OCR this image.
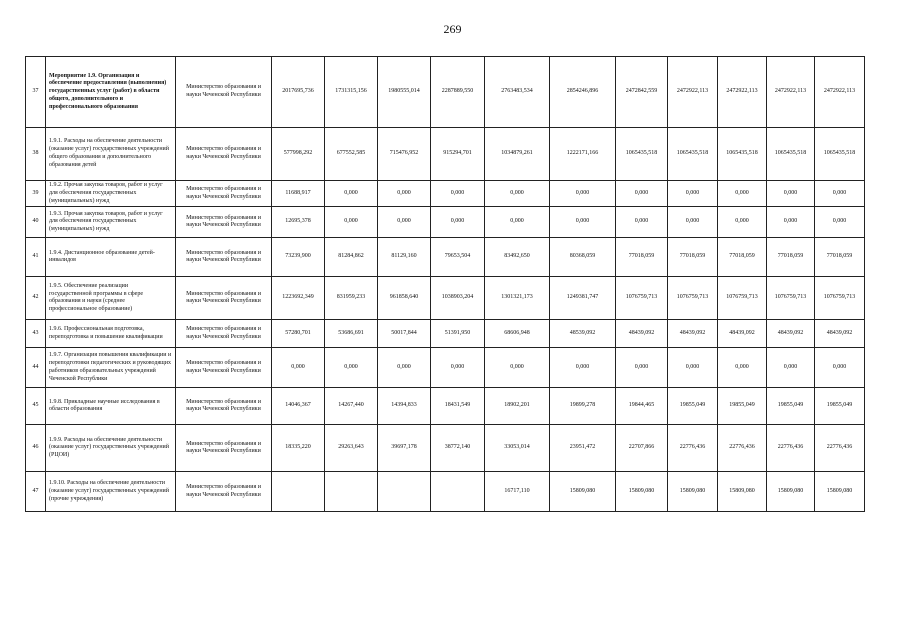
269
37	Мероприятие 1.9. Организация и обеспечение предоставления (выполнения) государственных услуг (работ) в области общего, дополнительного и профессионального образования	Министерство образования и науки Чеченской Республики	2017695,736	1731315,156	1980555,014	2287889,550	2763483,534	2854246,896	2472842,559	2472922,113	2472922,113	2472922,113	2472922,113
38	1.9.1. Расходы на обеспечение деятельности (оказание услуг) государственных учреждений общего образования и дополнительного образования детей	Министерство образования и науки Чеченской Республики	577998,292	677552,585	715476,952	915294,701	1034879,261	1222171,166	1065435,518	1065435,518	1065435,518	1065435,518	1065435,518
39	1.9.2. Прочая закупка товаров, работ и услуг для обеспечения государственных (муниципальных) нужд	Министерство образования и науки Чеченской Республики	11688,917	0,000	0,000	0,000	0,000	0,000	0,000	0,000	0,000	0,000	0,000
40	1.9.3. Прочая закупка товаров, работ и услуг для обеспечения государственных (муниципальных) нужд	Министерство образования и науки Чеченской Республики	12695,378	0,000	0,000	0,000	0,000	0,000	0,000	0,000	0,000	0,000	0,000
41	1.9.4. Дистанционное образование детей-инвалидов	Министерство образования и науки Чеченской Республики	73239,900	81284,862	81129,160	79653,504	83492,650	80368,059	77018,059	77018,059	77018,059	77018,059	77018,059
42	1.9.5. Обеспечение реализации государственной программы в сфере образования и науки (среднее профессиональное образование)	Министерство образования и науки Чеченской Республики	1223692,349	831959,233	961858,640	1038903,204	1301321,173	1249381,747	1076759,713	1076759,713	1076759,713	1076759,713	1076759,713
43	1.9.6. Профессиональная подготовка, переподготовка и повышение квалификации	Министерство образования и науки Чеченской Республики	57280,701	53686,691	50017,844	51391,950	68606,948	48539,092	48439,092	48439,092	48439,092	48439,092	48439,092
44	1.9.7. Организация повышения квалификации и переподготовки педагогических и руководящих работников образовательных учреждений Чеченской Республики	Министерство образования и науки Чеченской Республики	0,000	0,000	0,000	0,000	0,000	0,000	0,000	0,000	0,000	0,000	0,000
45	1.9.8. Прикладные научные исследования в области образования	Министерство образования и науки Чеченской Республики	14046,367	14267,440	14394,833	18431,549	18902,201	19899,278	19844,465	19855,049	19855,049	19855,049	19855,049
46	1.9.9. Расходы на обеспечение деятельности (оказание услуг) государственных учреждений (РЦОИ)	Министерство образования и науки Чеченской Республики	18335,220	29263,643	39697,178	38772,140	33053,014	23951,472	22707,866	22776,436	22776,436	22776,436	22776,436
47	1.9.10. Расходы на обеспечение деятельности (оказание услуг) государственных учреждений (прочие учреждения)	Министерство образования и науки Чеченской Республики					16717,110	15809,080	15809,080	15809,080	15809,080	15809,080	15809,080
